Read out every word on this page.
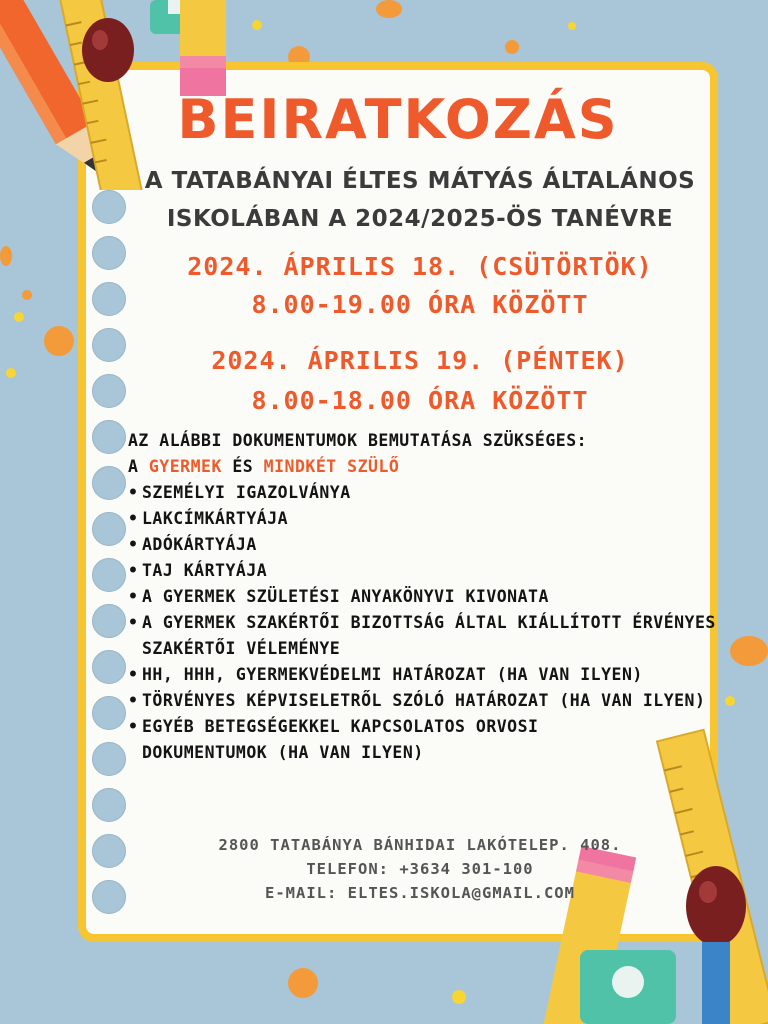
BEIRATKOZÁS
A TATABÁNYAI ÉLTES MÁTYÁS ÁLTALÁNOS
ISKOLÁBAN A 2024/2025-ÖS TANÉVRE
2024. ÁPRILIS 18. (CSÜTÖRTÖK)
8.00-19.00 ÓRA KÖZÖTT
2024. ÁPRILIS 19. (PÉNTEK)
8.00-18.00 ÓRA KÖZÖTT
AZ ALÁBBI DOKUMENTUMOK BEMUTATÁSA SZÜKSÉGES:
A GYERMEK ÉS MINDKÉT SZÜLŐ
• SZEMÉLYI IGAZOLVÁNYA
• LAKCÍMKÁRTYÁJA
• ADÓKÁRTYÁJA
• TAJ KÁRTYÁJA
• A GYERMEK SZÜLETÉSI ANYAKÖNYVI KIVONATA
• A GYERMEK SZAKÉRTŐI BIZOTTSÁG ÁLTAL KIÁLLÍTOTT ÉRVÉNYES SZAKÉRTŐI VÉLEMÉNYE
• HH, HHH, GYERMEKVÉDELMI HATÁROZAT (HA VAN ILYEN)
• TÖRVÉNYES KÉPVISELETRŐL SZÓLÓ HATÁROZAT (HA VAN ILYEN)
• EGYÉB BETEGSÉGEKKEL KAPCSOLATOS ORVOSI DOKUMENTUMOK (HA VAN ILYEN)
2800 TATABÁNYA BÁNHIDAI LAKÓTELEP. 408.
TELEFON: +3634 301-100
E-MAIL: ELTES.ISKOLA@GMAIL.COM
